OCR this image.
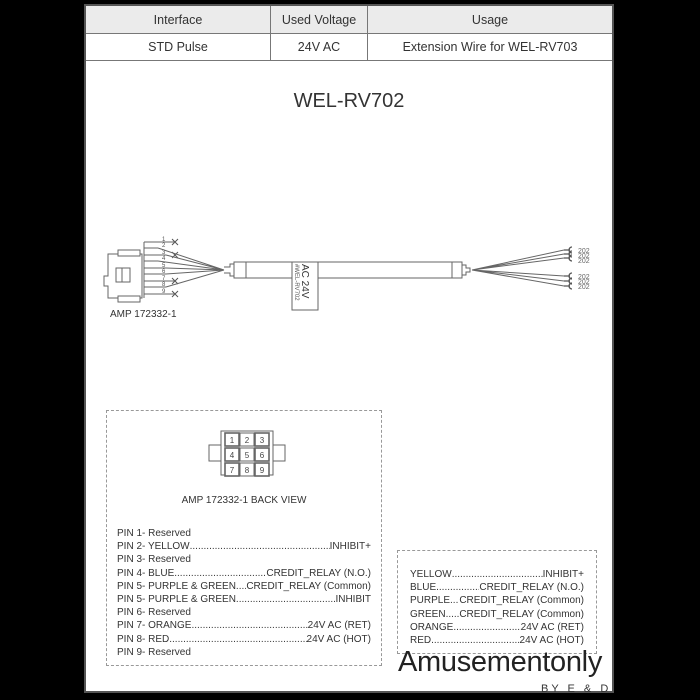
Interface	Used Voltage	Usage
STD Pulse	24V AC	Extension Wire for WEL-RV703
WEL-RV702
1
2
3
4
5
6
7
8
9	AC 24V
#WEL-RV702
202
202
202
202
202
202
AMP 172332-1
1 2 3
4 5 6
7 8 9
AMP 172332-1 BACK VIEW
PIN 1- Reserved
PIN 2- YELLOW .....	INHIBIT+
PIN 3- Reserved
PIN 4- BLUE .....	CREDIT_RELAY (N.O.)
PIN 5- PURPLE & GREEN ..... CREDIT_RELAY (Common)
PIN 5- PURPLE & GREEN .....	INHIBIT
PIN 6- Reserved
PIN 7- ORANGE .....	24V AC (RET)
PIN 8- RED .....	24V AC (HOT)
PIN 9- Reserved
YELLOW .....	INHIBIT+
BLUE .....	CREDIT_RELAY (N.O.)
PURPLE ..... CREDIT_RELAY (Common)
GREEN ..... CREDIT_RELAY (Common)
ORANGE .....	24V AC (RET)
RED .....	24V AC (HOT)
Amusementonly
BY E & D
